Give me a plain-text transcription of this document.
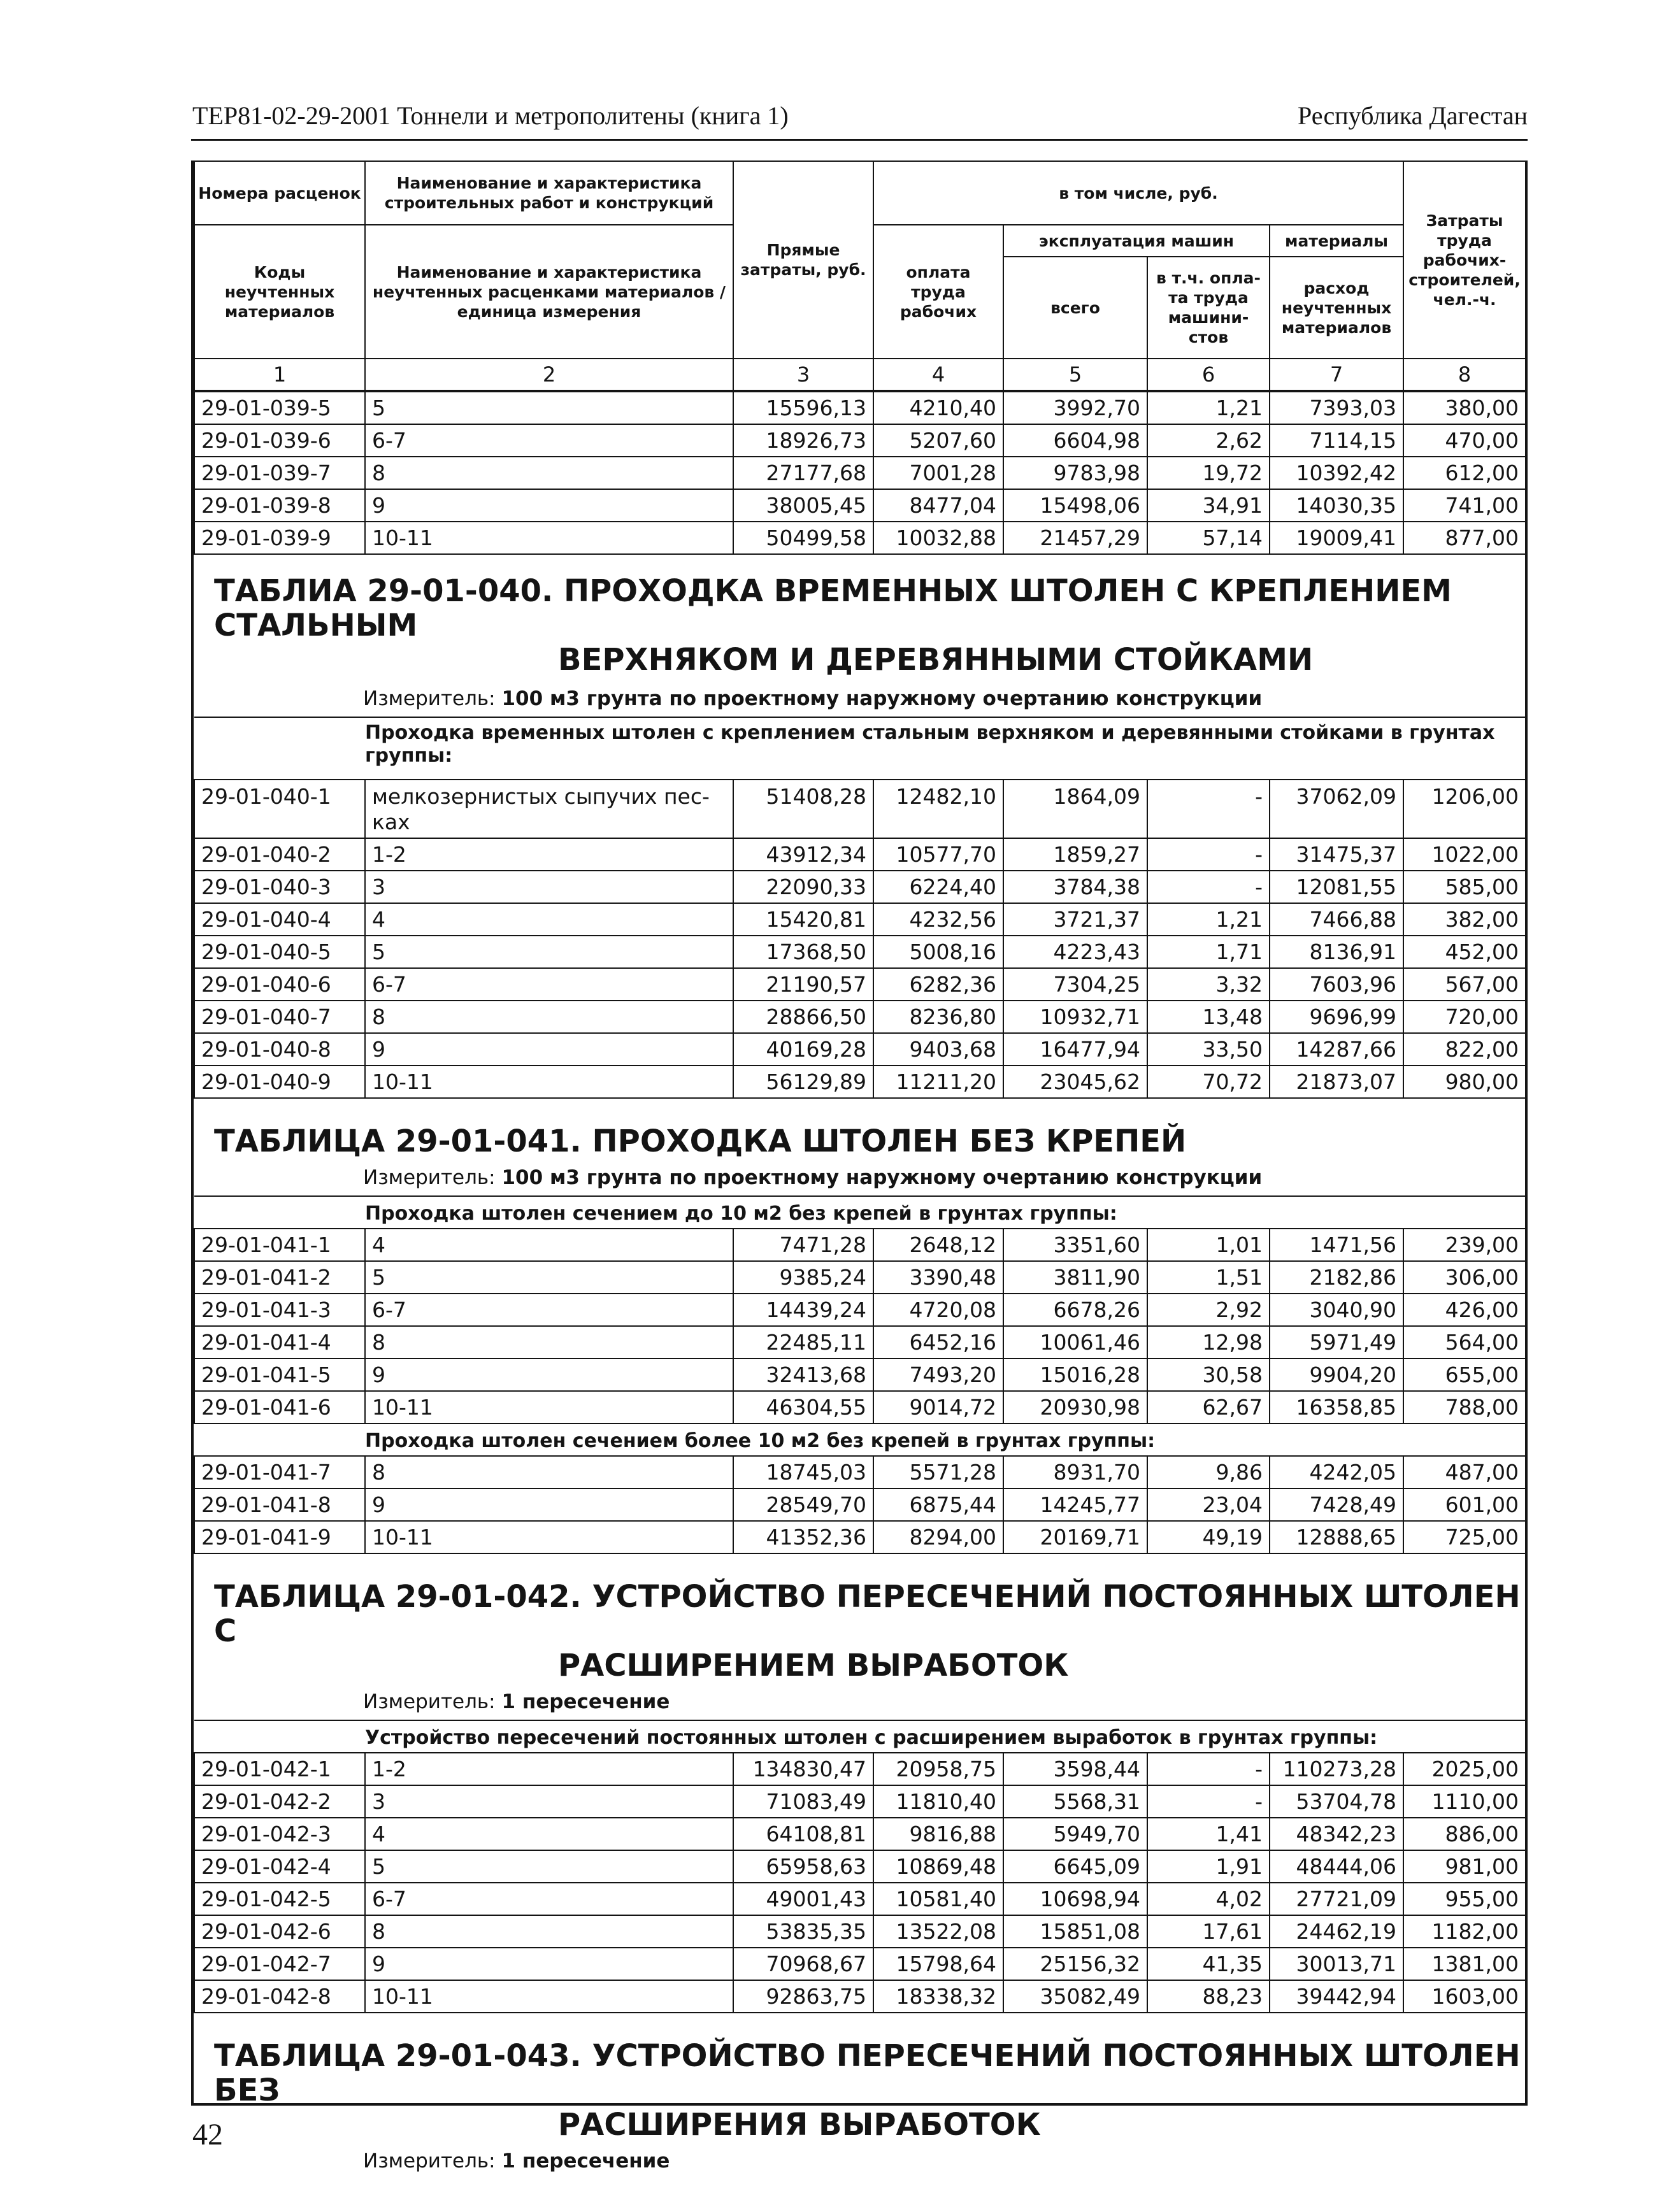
ТЕР81-02-29-2001 Тоннели и метрополитены (книга 1)	Республика Дагестан
Номера расценок	Наименование и характеристика строительных работ и конструкций	Прямые затраты, руб.	в том числе, руб.				Затраты труда рабочих-строителей, чел.-ч.
Коды неучтенных материалов	Наименование и характеристика неучтенных расценками материалов / единица измерения		оплата труда рабочих	эксплуатация машин		материалы	
				всего	в т.ч. опла-та труда машини-стов	расход неучтенных материалов	

1	2	3	4	5	6	7	8
29-01-039-5	5	15596,13	4210,40	3992,70	1,21	7393,03	380,00
29-01-039-6	6-7	18926,73	5207,60	6604,98	2,62	7114,15	470,00
29-01-039-7	8	27177,68	7001,28	9783,98	19,72	10392,42	612,00
29-01-039-8	9	38005,45	8477,04	15498,06	34,91	14030,35	741,00
29-01-039-9	10-11	50499,58	10032,88	21457,29	57,14	19009,41	877,00
ТАБЛИА 29-01-040. ПРОХОДКА ВРЕМЕННЫХ ШТОЛЕН С КРЕПЛЕНИЕМ СТАЛЬНЫМ
ВЕРХНЯКОМ И ДЕРЕВЯННЫМИ СТОЙКАМИ
Измеритель: 100 м3 грунта по проектному наружному очертанию конструкции
	Проходка временных штолен с креплением стальным верхняком и деревянными стойками в грунтах группы:						
29-01-040-1	мелкозернистых сыпучих пес-ках	51408,28	12482,10	1864,09	-	37062,09	1206,00
29-01-040-2	1-2	43912,34	10577,70	1859,27	-	31475,37	1022,00
29-01-040-3	3	22090,33	6224,40	3784,38	-	12081,55	585,00
29-01-040-4	4	15420,81	4232,56	3721,37	1,21	7466,88	382,00
29-01-040-5	5	17368,50	5008,16	4223,43	1,71	8136,91	452,00
29-01-040-6	6-7	21190,57	6282,36	7304,25	3,32	7603,96	567,00
29-01-040-7	8	28866,50	8236,80	10932,71	13,48	9696,99	720,00
29-01-040-8	9	40169,28	9403,68	16477,94	33,50	14287,66	822,00
29-01-040-9	10-11	56129,89	11211,20	23045,62	70,72	21873,07	980,00
ТАБЛИЦА 29-01-041. ПРОХОДКА ШТОЛЕН БЕЗ КРЕПЕЙ
Измеритель: 100 м3 грунта по проектному наружному очертанию конструкции
	Проходка штолен сечением до 10 м2 без крепей в грунтах группы:						
29-01-041-1	4	7471,28	2648,12	3351,60	1,01	1471,56	239,00
29-01-041-2	5	9385,24	3390,48	3811,90	1,51	2182,86	306,00
29-01-041-3	6-7	14439,24	4720,08	6678,26	2,92	3040,90	426,00
29-01-041-4	8	22485,11	6452,16	10061,46	12,98	5971,49	564,00
29-01-041-5	9	32413,68	7493,20	15016,28	30,58	9904,20	655,00
29-01-041-6	10-11	46304,55	9014,72	20930,98	62,67	16358,85	788,00
	Проходка штолен сечением более 10 м2 без крепей в грунтах группы:						
29-01-041-7	8	18745,03	5571,28	8931,70	9,86	4242,05	487,00
29-01-041-8	9	28549,70	6875,44	14245,77	23,04	7428,49	601,00
29-01-041-9	10-11	41352,36	8294,00	20169,71	49,19	12888,65	725,00
ТАБЛИЦА 29-01-042. УСТРОЙСТВО ПЕРЕСЕЧЕНИЙ ПОСТОЯННЫХ ШТОЛЕН С
РАСШИРЕНИЕМ ВЫРАБОТОК
Измеритель: 1 пересечение
	Устройство пересечений постоянных штолен с расширением выработок в грунтах группы:						
29-01-042-1	1-2	134830,47	20958,75	3598,44	-	110273,28	2025,00
29-01-042-2	3	71083,49	11810,40	5568,31	-	53704,78	1110,00
29-01-042-3	4	64108,81	9816,88	5949,70	1,41	48342,23	886,00
29-01-042-4	5	65958,63	10869,48	6645,09	1,91	48444,06	981,00
29-01-042-5	6-7	49001,43	10581,40	10698,94	4,02	27721,09	955,00
29-01-042-6	8	53835,35	13522,08	15851,08	17,61	24462,19	1182,00
29-01-042-7	9	70968,67	15798,64	25156,32	41,35	30013,71	1381,00
29-01-042-8	10-11	92863,75	18338,32	35082,49	88,23	39442,94	1603,00
ТАБЛИЦА 29-01-043. УСТРОЙСТВО ПЕРЕСЕЧЕНИЙ ПОСТОЯННЫХ ШТОЛЕН БЕЗ
РАСШИРЕНИЯ ВЫРАБОТОК
Измеритель: 1 пересечение
42
